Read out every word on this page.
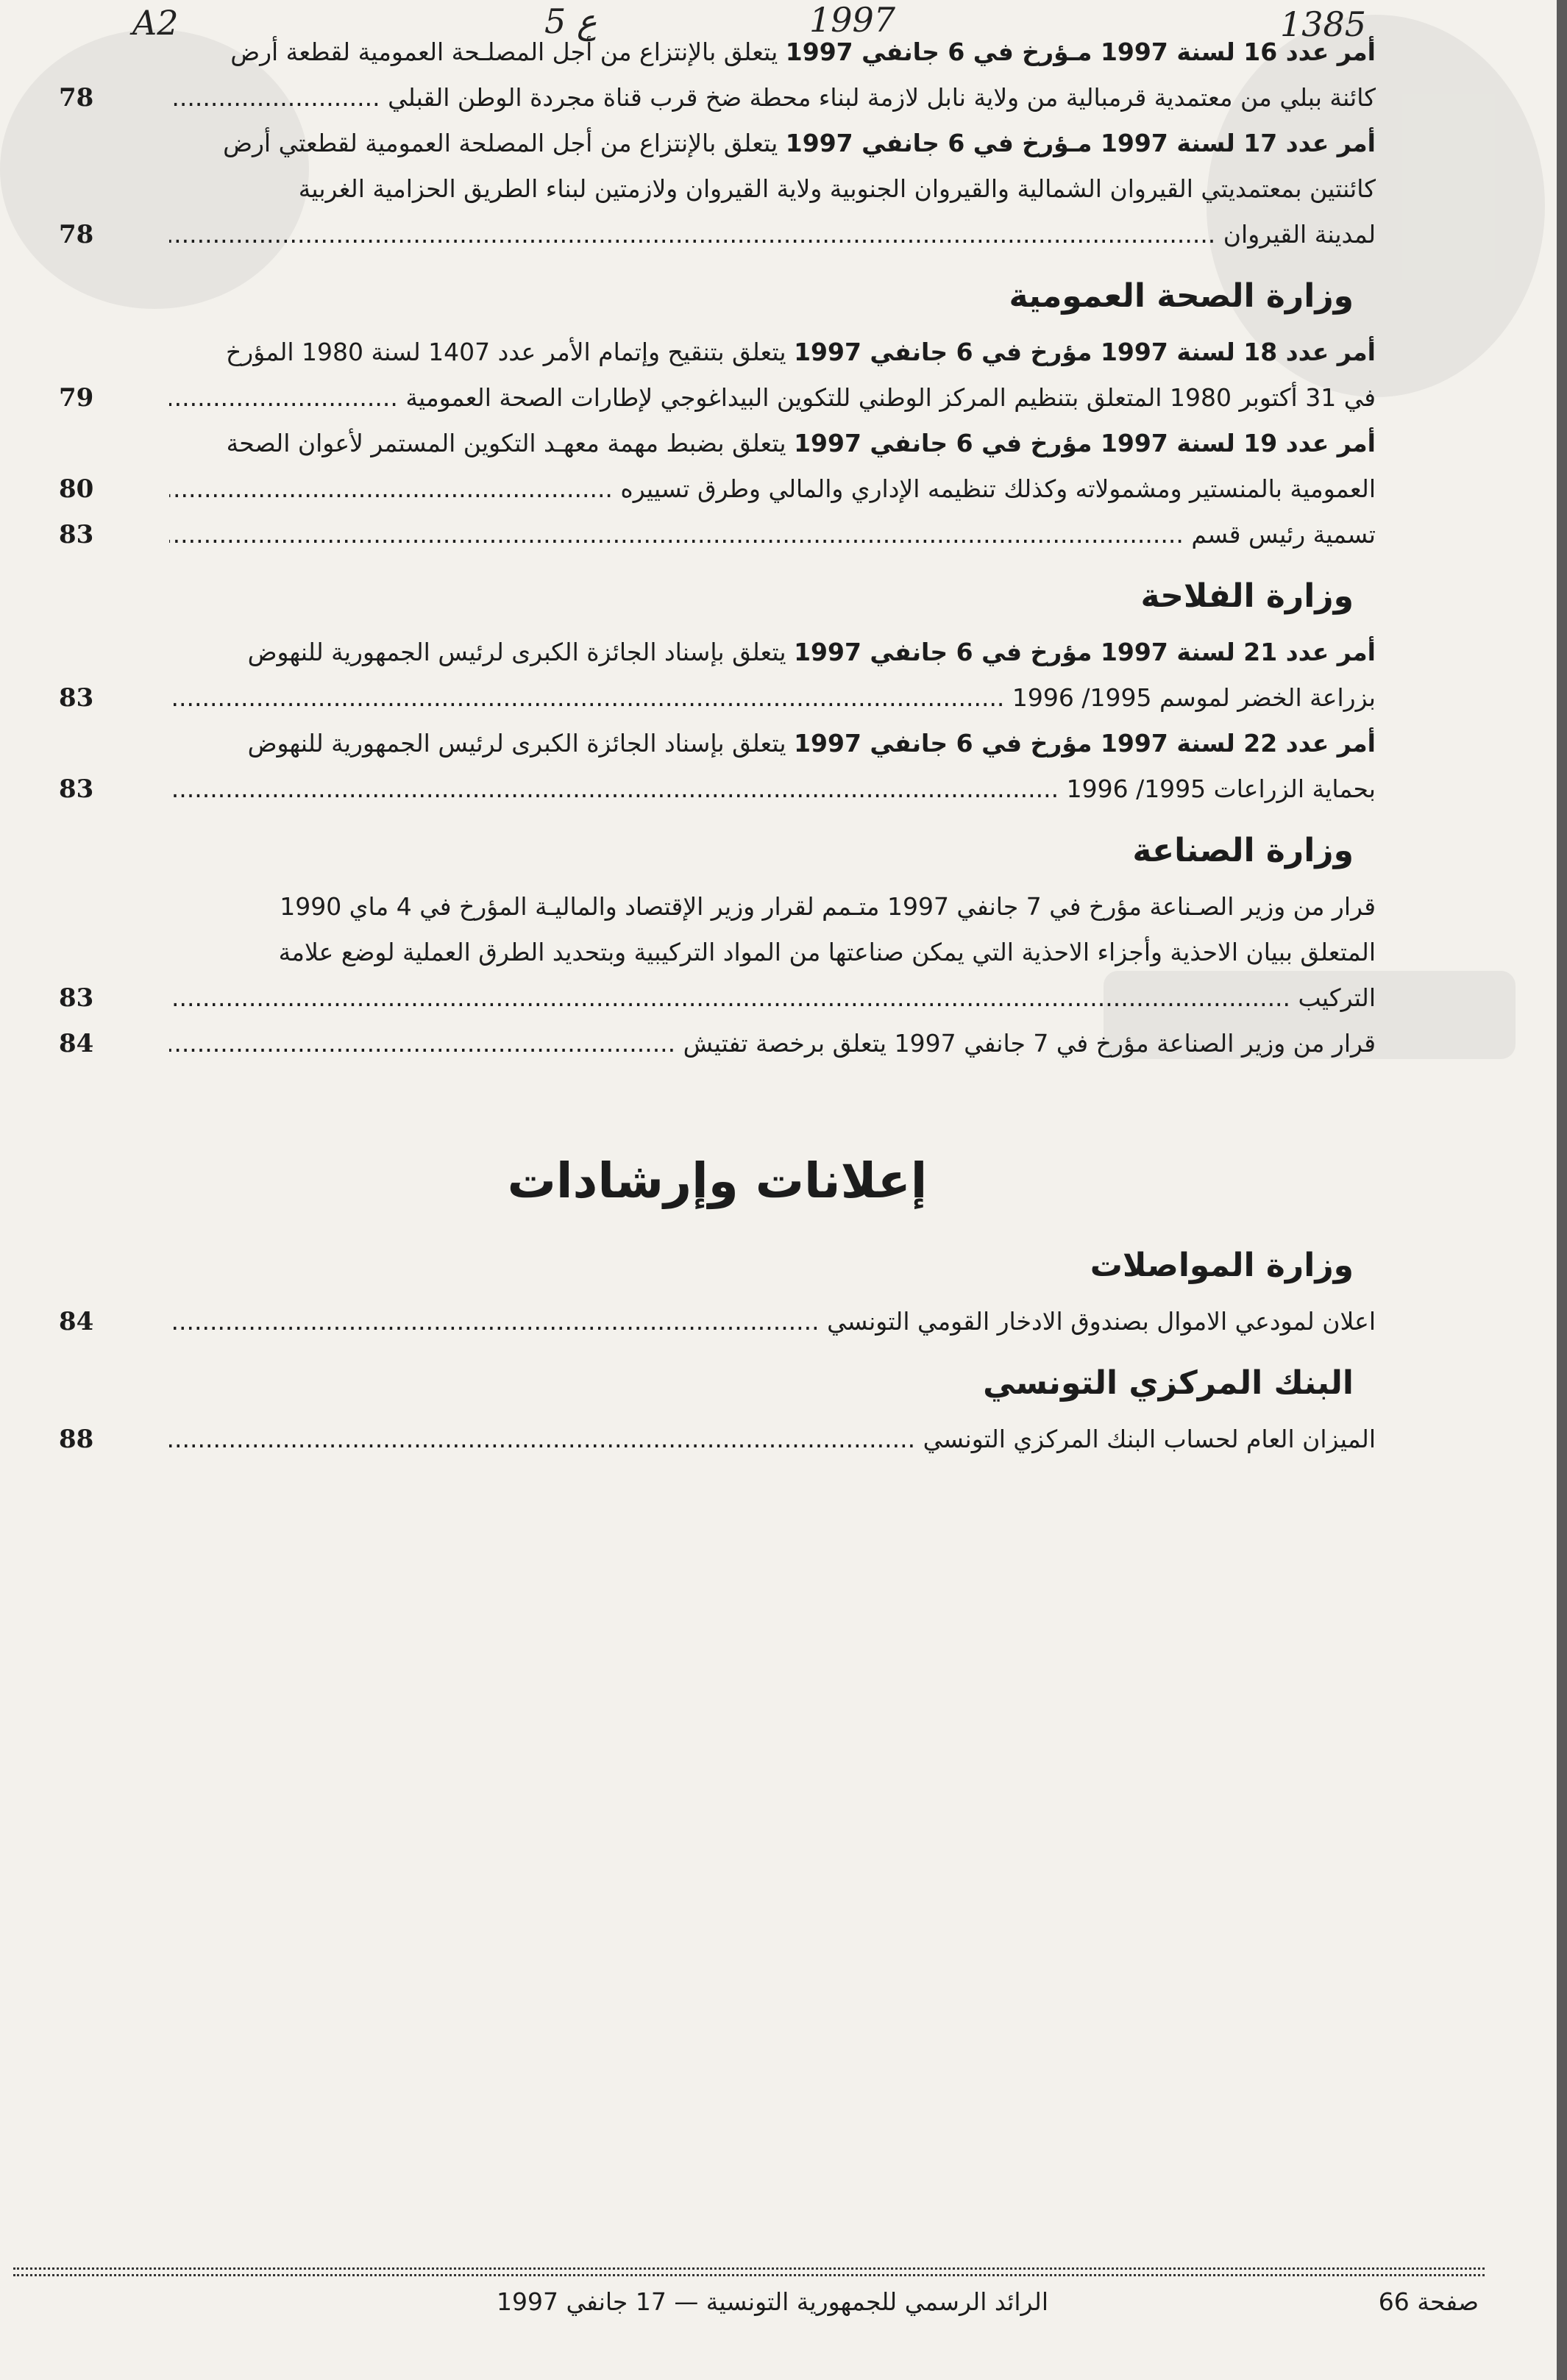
A2	5 ع	1997	1385
أمر عدد 16 لسنة 1997 مـؤرخ في 6 جانفي 1997 يتعلق بالإنتزاع من أجل المصلـحة العمومية لقطعة أرض
كائنة ببلي من معتمدية قرمبالية من ولاية نابل لازمة لبناء محطة ضخ قرب قناة مجردة الوطن القبلي .....
78
أمر عدد 17 لسنة 1997 مـؤرخ في 6 جانفي 1997 يتعلق بالإنتزاع من أجل المصلحة العمومية لقطعتي أرض
كائنتين بمعتمديتي القيروان الشمالية والقيروان الجنوبية ولاية القيروان ولازمتين لبناء الطريق الحزامية الغربية
لمدينة القيروان .....
78
وزارة الصحة العمومية
أمر عدد 18 لسنة 1997 مؤرخ في 6 جانفي 1997 يتعلق بتنقيح وإتمام الأمر عدد 1407 لسنة 1980 المؤرخ
في 31 أكتوبر 1980 المتعلق بتنظيم المركز الوطني للتكوين البيداغوجي لإطارات الصحة العمومية .....
79
أمر عدد 19 لسنة 1997 مؤرخ في 6 جانفي 1997 يتعلق بضبط مهمة معهـد التكوين المستمر لأعوان الصحة
العمومية بالمنستير ومشمولاته وكذلك تنظيمه الإداري والمالي وطرق تسييره .....
80
تسمية رئيس قسم .....
83
وزارة الفلاحة
أمر عدد 21 لسنة 1997 مؤرخ في 6 جانفي 1997 يتعلق بإسناد الجائزة الكبرى لرئيس الجمهورية للنهوض
بزراعة الخضر لموسم 1995/ 1996 .....
83
أمر عدد 22 لسنة 1997 مؤرخ في 6 جانفي 1997 يتعلق بإسناد الجائزة الكبرى لرئيس الجمهورية للنهوض
بحماية الزراعات 1995/ 1996 .....
83
وزارة الصناعة
قرار من وزير الصـناعة مؤرخ في 7 جانفي 1997 متـمم لقرار وزير الإقتصاد والماليـة المؤرخ في 4 ماي 1990
المتعلق ببيان الاحذية وأجزاء الاحذية التي يمكن صناعتها من المواد التركيبية وبتحديد الطرق العملية لوضع علامة
التركيب .....
83
قرار من وزير الصناعة مؤرخ في 7 جانفي 1997 يتعلق برخصة تفتيش .....
84
إعلانات وإرشادات
وزارة المواصلات
اعلان لمودعي الاموال بصندوق الادخار القومي التونسي .....
84
البنك المركزي التونسي
الميزان العام لحساب البنك المركزي التونسي .....
88
الرائد الرسمي للجمهورية التونسية — 17 جانفي 1997	صفحة 66
